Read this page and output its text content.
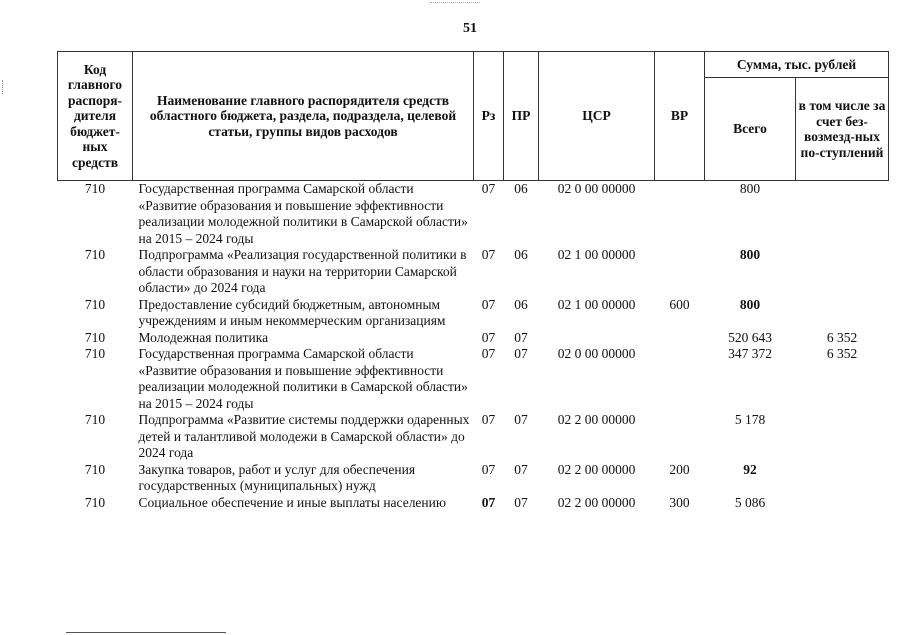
51
Код главного распоря-дителя бюджет-ных средств	Наименование главного распорядителя средств областного бюджета, раздела, подраздела, целевой статьи, группы видов расходов	Рз	ПР	ЦСР	ВР	Сумма, тыс. рублей	
						Всего	в том числе за счет без-возмезд-ных по-ступлений
710	Государственная программа Самарской области «Развитие образования и повышение эффективности реализации молодежной политики в Самарской области» на 2015 – 2024 годы	07	06	02 0 00 00000		800	
710	Подпрограмма «Реализация государственной политики в области образования и науки на территории Самарской области» до 2024 года	07	06	02 1 00 00000		800	
710	Предоставление субсидий бюджетным, автономным учреждениям и иным некоммерческим организациям	07	06	02 1 00 00000	600	800	
710	Молодежная политика	07	07			520 643	6 352
710	Государственная программа Самарской области «Развитие образования и повышение эффективности реализации молодежной политики в Самарской области» на 2015 – 2024 годы	07	07	02 0 00 00000		347 372	6 352
710	Подпрограмма «Развитие системы поддержки одаренных детей и талантливой молодежи в Самарской области» до 2024 года	07	07	02 2 00 00000		5 178	
710	Закупка товаров, работ и услуг для обеспечения государственных (муниципальных) нужд	07	07	02 2 00 00000	200	92	
710	Социальное обеспечение и иные выплаты населению	07	07	02 2 00 00000	300	5 086	
